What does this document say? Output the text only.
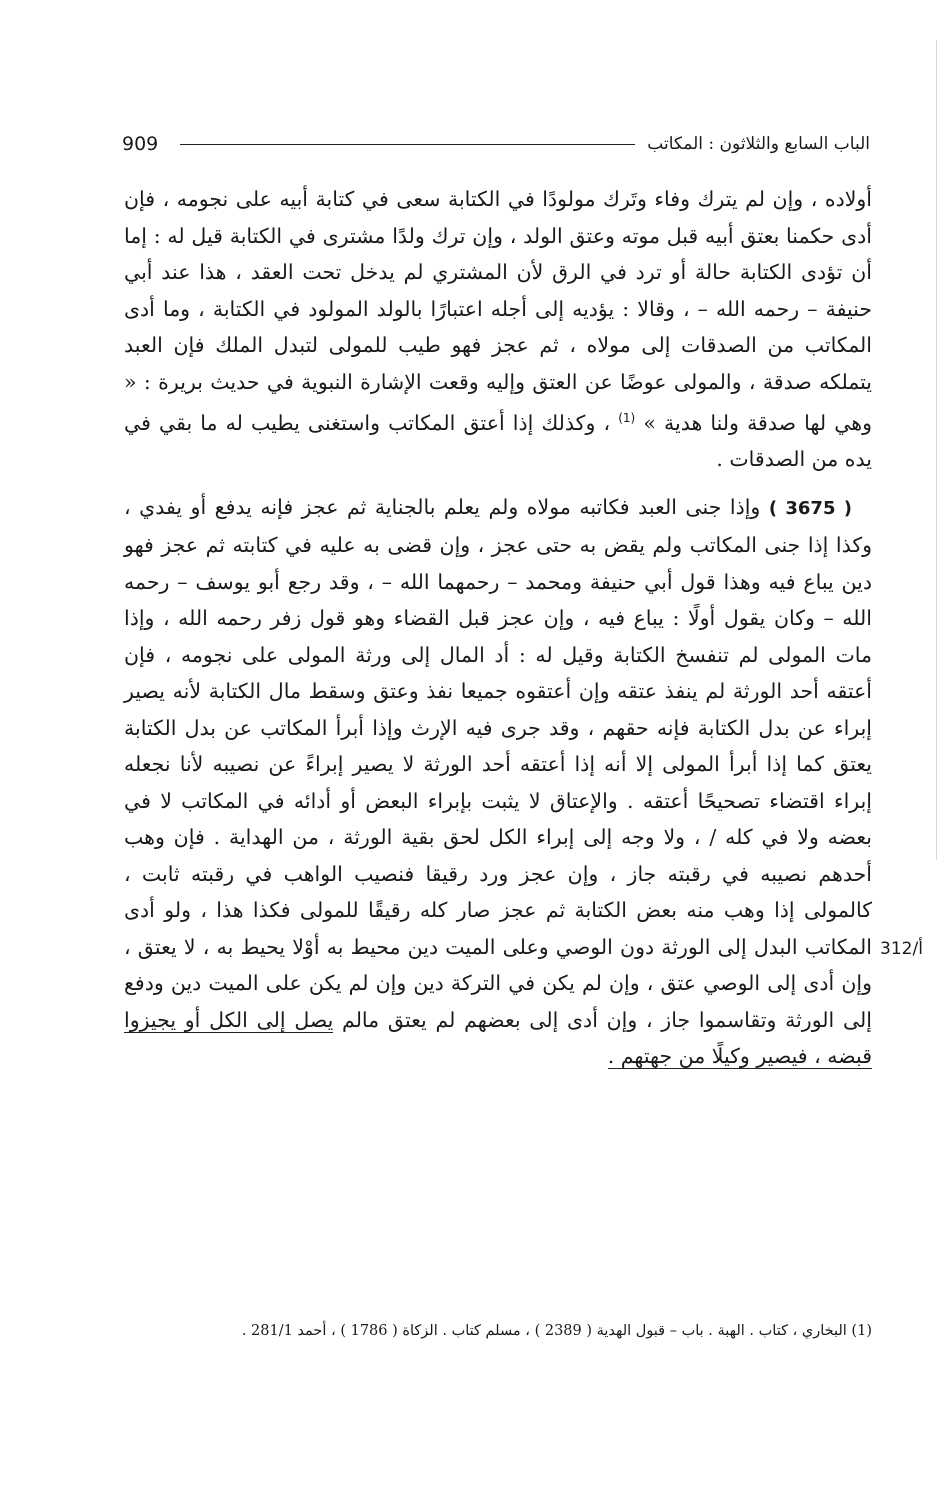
909	الباب السابع والثلاثون : المكاتب

أولاده ، وإن لم يترك وفاء وتَرك مولودًا في الكتابة سعى في كتابة أبيه على نجومه ، فإن أدى حكمنا بعتق أبيه قبل موته وعتق الولد ، وإن ترك ولدًا مشترى في الكتابة قيل له : إما أن تؤدى الكتابة حالة أو ترد في الرق لأن المشتري لم يدخل تحت العقد ، هذا عند أبي حنيفة – رحمه الله – ، وقالا : يؤديه إلى أجله اعتبارًا بالولد المولود في الكتابة ، وما أدى المكاتب من الصدقات إلى مولاه ، ثم عجز فهو طيب للمولى لتبدل الملك فإن العبد يتملكه صدقة ، والمولى عوضًا عن العتق وإليه وقعت الإشارة النبوية في حديث بريرة : « وهي لها صدقة ولنا هدية » $^{(1)}$ ، وكذلك إذا أعتق المكاتب واستغنى يطيب له ما بقي في يده من الصدقات .

( 3675 ) وإذا جنى العبد فكاتبه مولاه ولم يعلم بالجناية ثم عجز فإنه يدفع أو يفدي ، وكذا إذا جنى المكاتب ولم يقض به حتى عجز ، وإن قضى به عليه في كتابته ثم عجز فهو دين يباع فيه وهذا قول أبي حنيفة ومحمد – رحمهما الله – ، وقد رجع أبو يوسف – رحمه الله – وكان يقول أولًا : يباع فيه ، وإن عجز قبل القضاء وهو قول زفر رحمه الله ، وإذا مات المولى لم تنفسخ الكتابة وقيل له : أد المال إلى ورثة المولى على نجومه ، فإن أعتقه أحد الورثة لم ينفذ عتقه وإن أعتقوه جميعا نفذ وعتق وسقط مال الكتابة لأنه يصير إبراء عن بدل الكتابة فإنه حقهم ، وقد جرى فيه الإرث وإذا أبرأ المكاتب عن بدل الكتابة يعتق كما إذا أبرأ المولى إلا أنه إذا أعتقه أحد الورثة لا يصير إبراءً عن نصيبه لأنا نجعله إبراء اقتضاء تصحيحًا أعتقه . والإعتاق لا يثبت بإبراء البعض أو أدائه في المكاتب لا في بعضه ولا في كله / ، ولا وجه إلى إبراء الكل لحق بقية الورثة ، من الهداية . فإن وهب أحدهم نصيبه في رقبته جاز ، وإن عجز ورد رقيقا فنصيب الواهب في رقبته ثابت ، كالمولى إذا وهب منه بعض الكتابة ثم عجز صار كله رقيقًا للمولى فكذا هذا ، ولو أدى المكاتب البدل إلى الورثة دون الوصي وعلى الميت دين محيط به أوْلا يحيط به ، لا يعتق ، وإن أدى إلى الوصي عتق ، وإن لم يكن في التركة دين وإن لم يكن على الميت دين ودفع إلى الورثة وتقاسموا جاز ، وإن أدى إلى بعضهم لم يعتق مالم يصل إلى الكل أو يجيزوا قبضه ، فيصير وكيلًا من جهتهم .

312/أ
(1) البخاري ، كتاب . الهبة . باب – قبول الهدية ( 2389 ) ، مسلم كتاب . الزكاة ( 1786 ) ، أحمد 281/1 .
